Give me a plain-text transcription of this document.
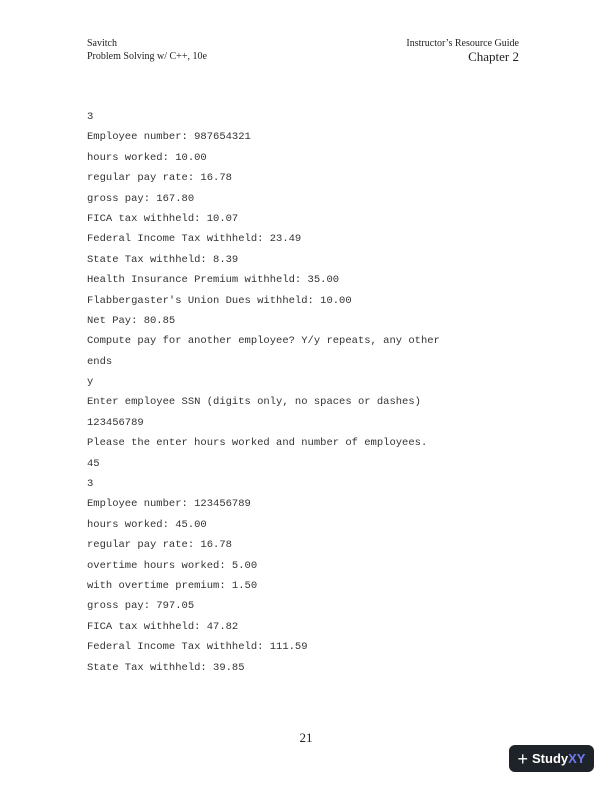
Savitch
Problem Solving w/ C++, 10e
Instructor’s Resource Guide
Chapter 2
3
Employee number: 987654321
hours worked: 10.00
regular pay rate: 16.78
gross pay: 167.80
FICA tax withheld: 10.07
Federal Income Tax withheld: 23.49
State Tax withheld: 8.39
Health Insurance Premium withheld: 35.00
Flabbergaster's Union Dues withheld: 10.00
Net Pay: 80.85
Compute pay for another employee? Y/y repeats, any other
ends
y
Enter employee SSN (digits only, no spaces or dashes)
123456789
Please the enter hours worked and number of employees.
45
3
Employee number: 123456789
hours worked: 45.00
regular pay rate: 16.78
overtime hours worked: 5.00
with overtime premium: 1.50
gross pay: 797.05
FICA tax withheld: 47.82
Federal Income Tax withheld: 111.59
State Tax withheld: 39.85
21
+ Study XY
